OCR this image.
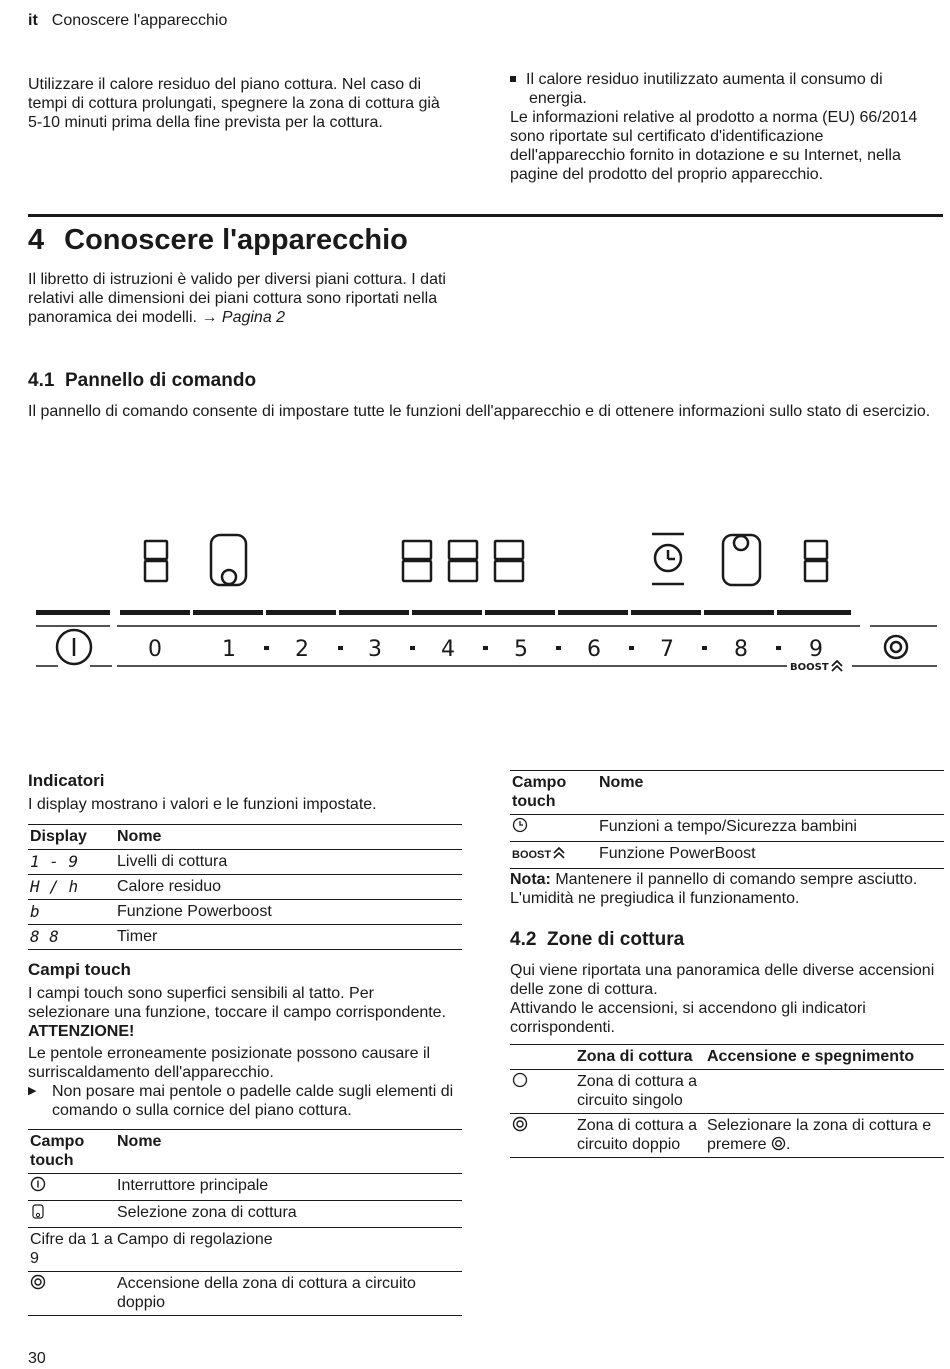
it Conoscere l'apparecchio
Utilizzare il calore residuo del piano cottura. Nel caso di tempi di cottura prolungati, spegnere la zona di cottura già 5-10 minuti prima della fine prevista per la cottura.
Il calore residuo inutilizzato aumenta il consumo di energia.
Le informazioni relative al prodotto a norma (EU) 66/2014 sono riportate sul certificato d'identificazione dell'apparecchio fornito in dotazione e su Internet, nella pagine del prodotto del proprio apparecchio.
4 Conoscere l'apparecchio
Il libretto di istruzioni è valido per diversi piani cottura. I dati relativi alle dimensioni dei piani cottura sono riportati nella panoramica dei modelli. → Pagina 2
4.1 Pannello di comando
Il pannello di comando consente di impostare tutte le funzioni dell'apparecchio e di ottenere informazioni sullo stato di esercizio.
0	1	2	3	4	5	6	7	8	9
BOOST
Indicatori
I display mostrano i valori e le funzioni impostate.
Display	Nome
1 - 9	Livelli di cottura
H / h	Calore residuo
b	Funzione Powerboost
8 8	Timer
Campi touch
I campi touch sono superfici sensibili al tatto. Per selezionare una funzione, toccare il campo corrispondente.
ATTENZIONE!
Le pentole erroneamente posizionate possono causare il surriscaldamento dell'apparecchio.
▶ Non posare mai pentole o padelle calde sugli elementi di comando o sulla cornice del piano cottura.
Campo touch	Nome
	Interruttore principale
	Selezione zona di cottura
Cifre da 1 a 9	Campo di regolazione
	Accensione della zona di cottura a circuito doppio
Campo touch	Nome
	Funzioni a tempo/Sicurezza bambini
BOOST	Funzione PowerBoost
Nota: Mantenere il pannello di comando sempre asciutto. L'umidità ne pregiudica il funzionamento.
4.2 Zone di cottura
Qui viene riportata una panoramica delle diverse accensioni delle zone di cottura.
Attivando le accensioni, si accendono gli indicatori corrispondenti.
	Zona di cottura	Accensione e spegnimento
	Zona di cottura a circuito singolo	
	Zona di cottura a circuito doppio	Selezionare la zona di cottura e premere .
30
